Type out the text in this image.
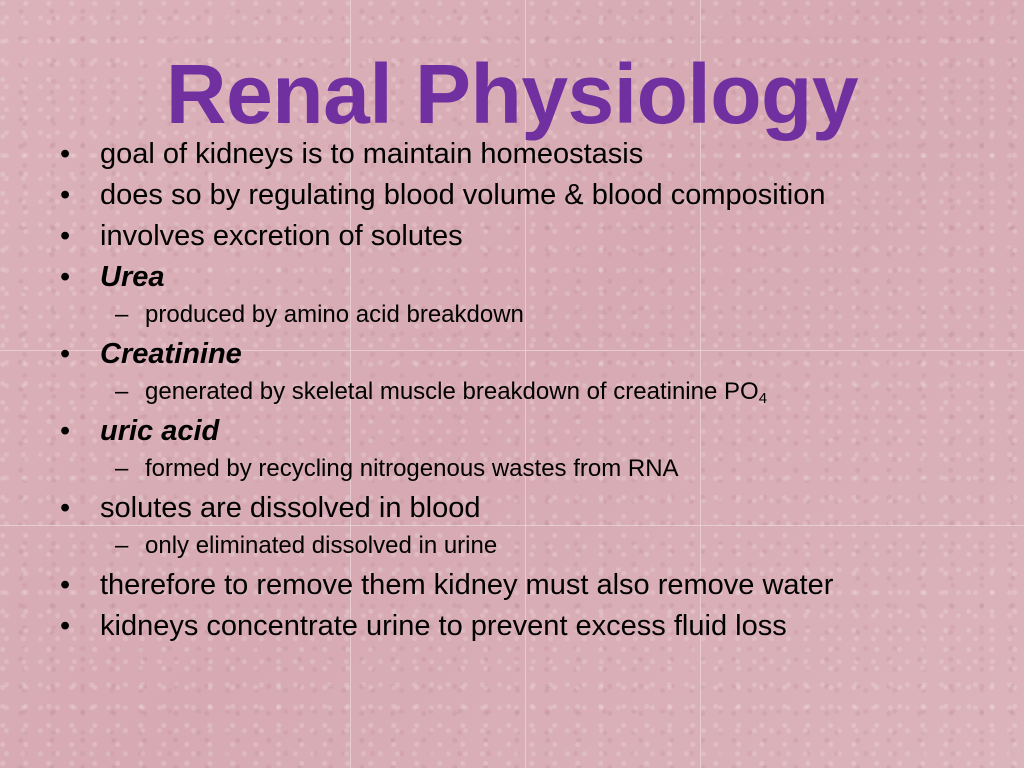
Renal Physiology
• goal of kidneys is to maintain homeostasis
• does so by regulating blood volume & blood composition
• involves excretion of solutes
• Urea
– produced by amino acid breakdown
• Creatinine
– generated by skeletal muscle breakdown of creatinine $PO_4$
• uric acid
– formed by recycling nitrogenous wastes from RNA
• solutes are dissolved in blood
– only eliminated dissolved in urine
• therefore to remove them kidney must also remove water
• kidneys concentrate urine to prevent excess fluid loss
